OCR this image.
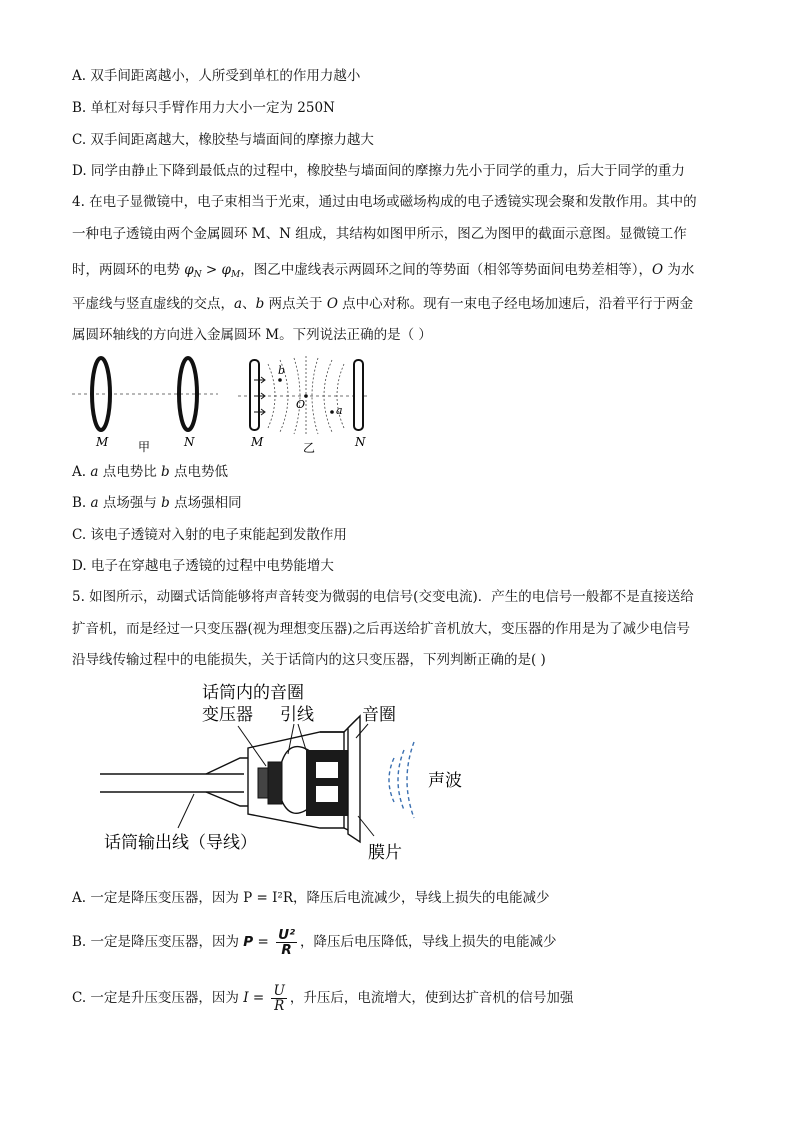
A. 双手间距离越小，人所受到单杠的作用力越小
B. 单杠对每只手臂作用力大小一定为 250N
C. 双手间距离越大，橡胶垫与墙面间的摩擦力越大
D. 同学由静止下降到最低点的过程中，橡胶垫与墙面间的摩擦力先小于同学的重力，后大于同学的重力
4. 在电子显微镜中，电子束相当于光束，通过由电场或磁场构成的电子透镜实现会聚和发散作用。其中的
一种电子透镜由两个金属圆环 M、N 组成，其结构如图甲所示，图乙为图甲的截面示意图。显微镜工作
时，两圆环的电势 $\varphi_N > \varphi_M$，图乙中虚线表示两圆环之间的等势面（相邻等势面间电势差相等），O 为水
平虚线与竖直虚线的交点，a、b 两点关于 O 点中心对称。现有一束电子经电场加速后，沿着平行于两金
属圆环轴线的方向进入金属圆环 M。下列说法正确的是（ ）
M	N
甲
O
b
a
M	N
乙
A. a 点电势比 b 点电势低
B. a 点场强与 b 点场强相同
C. 该电子透镜对入射的电子束能起到发散作用
D. 电子在穿越电子透镜的过程中电势能增大
5. 如图所示，动圈式话筒能够将声音转变为微弱的电信号(交变电流)．产生的电信号一般都不是直接送给
扩音机，而是经过一只变压器(视为理想变压器)之后再送给扩音机放大，变压器的作用是为了减少电信号
沿导线传输过程中的电能损失，关于话筒内的这只变压器，下列判断正确的是( )
话筒内的
变压器
音圈
引线	音圈
声波
话筒输出线（导线）	膜片
A. 一定是降压变压器，因为 P = I²R，降压后电流减少，导线上损失的电能减少
B. 一定是降压变压器，因为 $P = \frac{\text{U²}}{R}$ ，降压后电压降低，导线上损失的电能减少
C. 一定是升压变压器，因为 $I = \frac{U}{R}$ ，升压后，电流增大，使到达扩音机的信号加强
